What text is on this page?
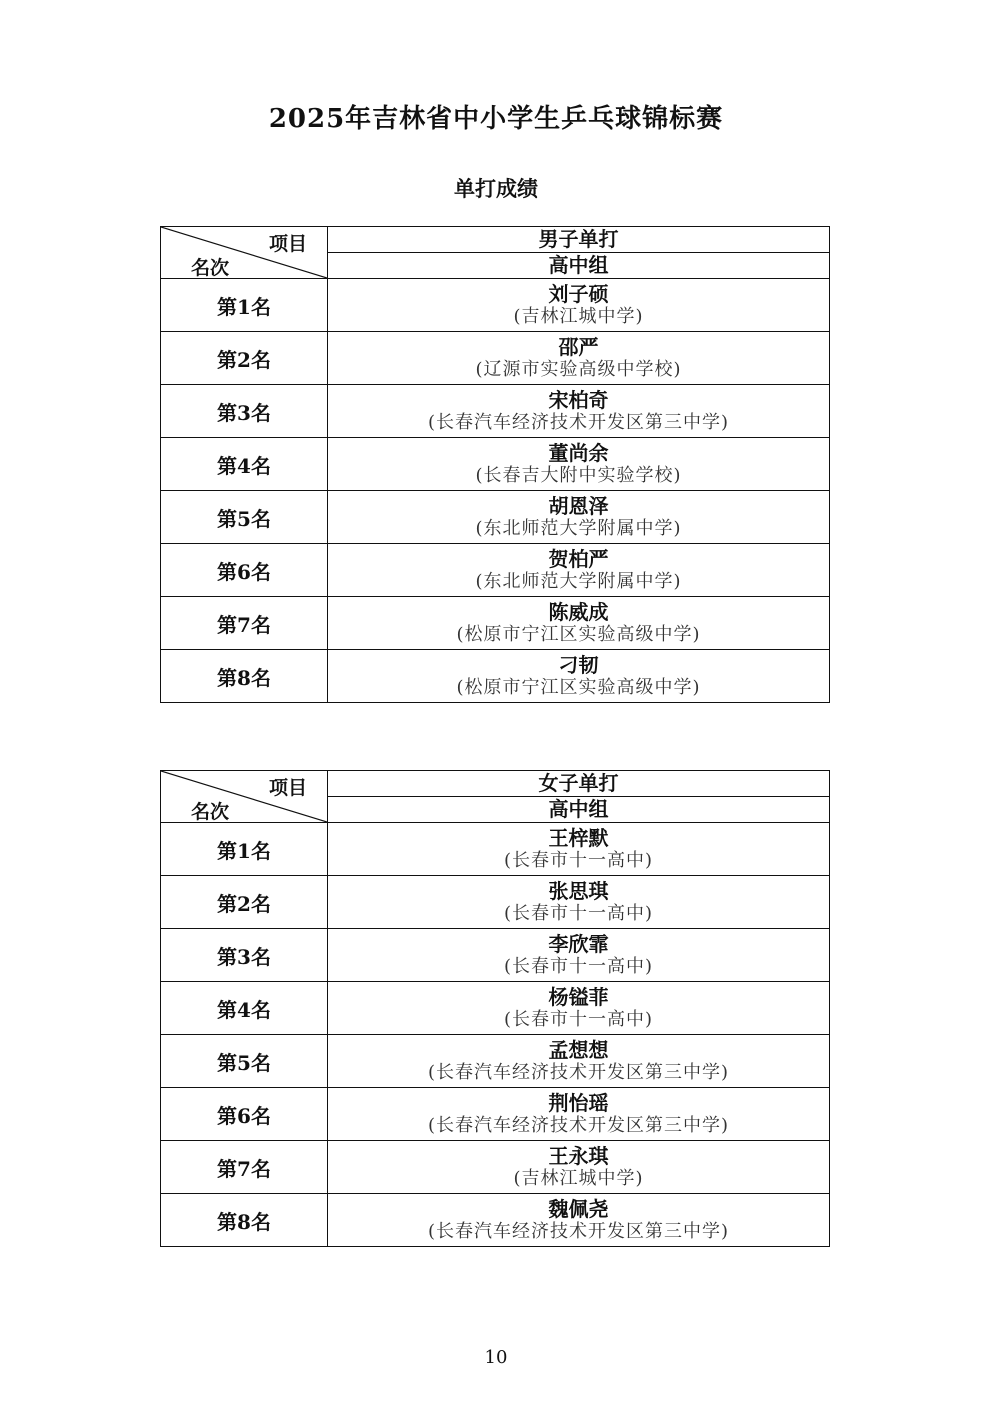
2025年吉林省中小学生乒乓球锦标赛
单打成绩
项目
名次	男子单打
	高中组
第1名	刘子硕
(吉林江城中学)

第2名	邵严
(辽源市实验高级中学校)

第3名	宋柏奇
(长春汽车经济技术开发区第三中学)

第4名	董尚余
(长春吉大附中实验学校)

第5名	胡恩泽
(东北师范大学附属中学)

第6名	贺柏严
(东北师范大学附属中学)

第7名	陈威成
(松原市宁江区实验高级中学)

第8名	刁韧
(松原市宁江区实验高级中学)
项目
名次	女子单打
	高中组
第1名	王梓默
(长春市十一高中)

第2名	张思琪
(长春市十一高中)

第3名	李欣霏
(长春市十一高中)

第4名	杨镒菲
(长春市十一高中)

第5名	孟想想
(长春汽车经济技术开发区第三中学)

第6名	荆怡瑶
(长春汽车经济技术开发区第三中学)

第7名	王永琪
(吉林江城中学)

第8名	魏佩尧
(长春汽车经济技术开发区第三中学)
10
